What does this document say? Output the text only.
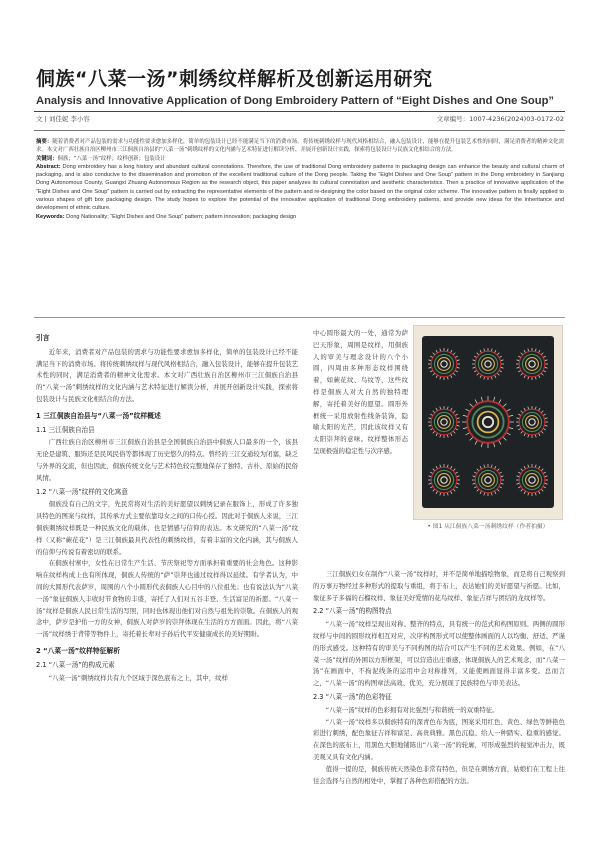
侗族“八菜一汤”刺绣纹样解析及创新运用研究
Analysis and Innovative Application of Dong Embroidery Pattern of “Eight Dishes and One Soup”
文 | 刘佳妮 李小容	文章编号：1007-4236(2024)03-0172-02
摘要：随着消费者对产品包装的需求与功能性要求愈加多样化，简单的包装设计已经不能满足当下的消费市场。将传统刺绣纹样与现代风格相结合，融入包装设计，能够在提升包装艺术性的同时，满足消费者的精神文化需求。本文对广西壮族自治区柳州市三江侗族自治县的“八菜一汤”刺绣纹样的文化内涵与艺术特征进行解读分析，并展开创新设计实践，探索将包装设计与民族文化相结合的方法。
关键词：侗族；“八菜一汤”纹样；纹样创新；包装设计
Abstract: Dong embroidery has a long history and abundant cultural connotations. Therefore, the use of traditional Dong embroidery patterns in packaging design can enhance the beauty and cultural charm of packaging, and is also conducive to the dissemination and promotion of the excellent traditional culture of the Dong people. Taking the “Eight Dishes and One Soup” pattern in the Dong embroidery in Sanjiang Dong Autonomous County, Guangxi Zhuang Autonomous Region as the research object, this paper analyzes its cultural connotation and aesthetic characteristics. Then a practice of innovative application of the “Eight Dishes and One Soup” pattern is carried out by extracting the representative elements of the pattern and re-designing the color based on the original color scheme. The innovative pattern is finally applied to various shapes of gift box packaging design. The study hopes to explore the potential of the innovative application of traditional Dong embroidery patterns, and provide new ideas for the inheritance and development of ethnic culture.
Keywords: Dong Nationality; “Eight Dishes and One Soup” pattern; pattern innovation; packaging design
引言

近年来，消费者对产品包装的需求与功能性要求愈加多样化，简单的包装设计已经不能满足当下的消费市场。将传统刺绣纹样与现代风格相结合，融入包装设计，能够在提升包装艺术性的同时，满足消费者的精神文化需求。本文对广西壮族自治区柳州市三江侗族自治县的“八菜一汤”刺绣纹样的文化内涵与艺术特征进行解读分析，并展开创新设计实践，探索将包装设计与民族文化相结合的方法。

1 三江侗族自治县与“八菜一汤”纹样概述
1.1 三江侗族自治县

广西壮族自治区柳州市三江侗族自治县是全国侗族自治县中侗族人口最多的一个，该县无论是建筑、服饰还是民风民俗等都体现了历史悠久的特点。曾经的三江交通较为闭塞，缺乏与外界的交流，但也因此，侗族传统文化与艺术特色较完整地保存了独特、古朴、原始的民俗风情。

1.2 “八菜一汤”纹样的文化寓意

侗族没有自己的文字，先民常将对生活的美好愿望以刺绣记录在服饰上，形成了许多独具特色的图案与纹样，其传承方式主要依靠母女之间的口传心授。因此对于侗族人来说，三江侗族刺绣纹样既是一种民族文化的载体，也是情感与信仰的表达。本文研究的“八菜一汤”纹样（又称“蕨花花”）是三江侗族最具代表性的刺绣纹样，有着丰富的文化内涵，其与侗族人的信仰与传说有着密切的联系。

在侗族村寨中，女性在日常生产生活、节庆祭祀等方面承担着重要的社会角色。这种影响在纹样构成上也有所体现，侗族人传统的“萨”崇拜也通过纹样得以延续。有学者认为，中间的大圆形代表萨岁，周围的八个小圆形代表侗族人心目中的八位祖先；也有说法认为“八菜一汤”象征侗族人丰收时节食物的丰盛，寄托了人们对五谷丰登、生活富足的祈愿。“八菜一汤”纹样是侗族人民日常生活的写照，同时也体现出他们对自然与祖先的崇敬。在侗族人的观念中，萨岁是护佑一方的女神，侗族人对萨岁的崇拜体现在生活的方方面面。因此，将“八菜一汤”纹样绣于背带等物件上，寄托着长辈对子孙后代平安健康成长的美好期盼。

2 “八菜一汤”纹样特征解析
2.1 “八菜一汤”的构成元素

“八菜一汤”刺绣纹样共有九个区域于深色底布之上，其中，纹样

中心圆形最大的一处，通常为萨巴天形象，周围是纹样，用侗族人的审美与理念设计的八个小圆，四周由多种形态纹样围绕着，如蕨花纹、鸟纹等，这些纹样是侗族人对大自然的独特理解，寄托着美好的愿望。圆形外框统一采用放射性线条装饰，隐喻太阳的光芒，因此该纹样又有太阳崇拜的意味。纹样整体形态呈现极强的稳定性与次序感。

• 图1 从江侗族八菜一汤刺绣纹样（作者拍摄）

三江侗族妇女在制作“八菜一汤”纹样时，并不是简单地描绘物象，而是将自己观察到的万事万物经过多种形式的提取与重组，将于布上，表达她们的美好愿望与祈愿。比如，象征多子多福的石榴纹样、象征美好爱情的花鸟纹样、象征吉祥与团结的龙纹样等。

2.2 “八菜一汤”的构图特点

“八菜一汤”纹样呈现出对称、整齐的特点，具有统一的范式和构图原则。两侧的圆形纹样与中间的圆形纹样相互对应，次序构图形式可以使整体画面的人以均衡、舒适、严谨的形式感受。这种特有的审美与不同构图的结合可以产生不同的艺术效果。例如，在“八菜一汤”纹样的外围以方形框架，可以营造出庄重感，体现侗族人的艺术观念，而“八菜一汤”在画面中，不拘泥线条的运用中会对称排列，又能使画面显得丰富多变。总而言之，“八菜一汤”的构图章法高效、优美，充分展现了民族特色与审美表达。

2.3 “八菜一汤”的色彩特征

“八菜一汤”纹样的色彩拥有对比强烈与和谐统一的双重特征。

“八菜一汤”纹样多以侗族特有的深青色布为底，图案采用红色、黄色、绿色等鲜艳色彩进行刺绣，配色象征吉祥和富足、高贵典雅。黑色沉稳、给人一种踏实、稳重的感觉。在深色的底布上，用黑色大胆地铺陈出“八菜一汤”的轮廓，可形成强烈的视觉冲击力，既美观又具有文化内涵。

值得一提的是，侗族传统天然染色非常有特色，但是在刺绣方面，姑娘们在工程上往往会选择与自然的相处中，掌握了各种色彩搭配的方法。
